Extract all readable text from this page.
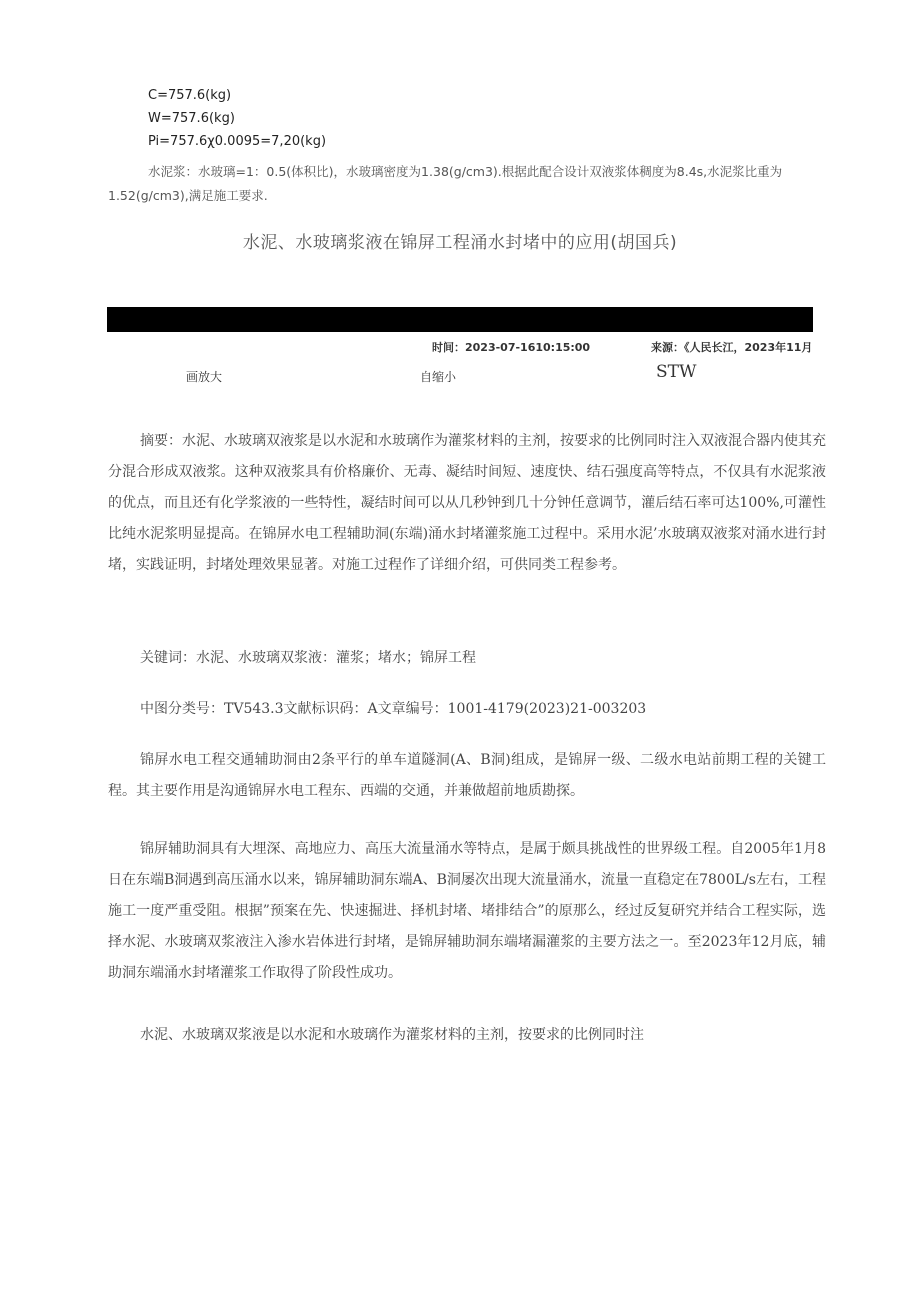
C=757.6(kg)
W=757.6(kg)
Pi=757.6χ0.0095=7,20(kg)
水泥浆：水玻璃=1：0.5(体积比)，水玻璃密度为1.38(g/cm3).根据此配合设计双液浆体稠度为8.4s,水泥浆比重为1.52(g/cm3),满足施工要求.
水泥、水玻璃浆液在锦屏工程涌水封堵中的应用(胡国兵)
时间：2023-07-1610:15:00	来源：《人民长江，2023年11月
画放大	自缩小	STW
摘要：水泥、水玻璃双液浆是以水泥和水玻璃作为灌浆材料的主剂，按要求的比例同时注入双液混合器内使其充分混合形成双液浆。这种双液浆具有价格廉价、无毒、凝结时间短、速度快、结石强度高等特点，不仅具有水泥浆液的优点，而且还有化学浆液的一些特性，凝结时间可以从几秒钟到几十分钟任意调节，灌后结石率可达100%,可灌性比纯水泥浆明显提高。在锦屏水电工程辅助洞(东端)涌水封堵灌浆施工过程中。采用水泥’水玻璃双液浆对涌水进行封堵，实践证明，封堵处理效果显著。对施工过程作了详细介绍，可供同类工程参考。
关键词：水泥、水玻璃双浆液：灌浆；堵水；锦屏工程
中图分类号：TV543.3文献标识码：A文章编号：1001-4179(2023)21-003203
锦屏水电工程交通辅助洞由2条平行的单车道隧洞(A、B洞)组成，是锦屏一级、二级水电站前期工程的关键工程。其主要作用是沟通锦屏水电工程东、西端的交通，并兼做超前地质勘探。
锦屏辅助洞具有大埋深、高地应力、高压大流量涌水等特点，是属于颇具挑战性的世界级工程。自2005年1月8日在东端B洞遇到高压涌水以来，锦屏辅助洞东端A、B洞屡次出现大流量涌水，流量一直稳定在7800L/s左右，工程施工一度严重受阻。根据”预案在先、快速掘进、择机封堵、堵排结合”的原那么，经过反复研究并结合工程实际，选择水泥、水玻璃双浆液注入渗水岩体进行封堵，是锦屏辅助洞东端堵漏灌浆的主要方法之一。至2023年12月底，辅助洞东端涌水封堵灌浆工作取得了阶段性成功。
水泥、水玻璃双浆液是以水泥和水玻璃作为灌浆材料的主剂，按要求的比例同时注
